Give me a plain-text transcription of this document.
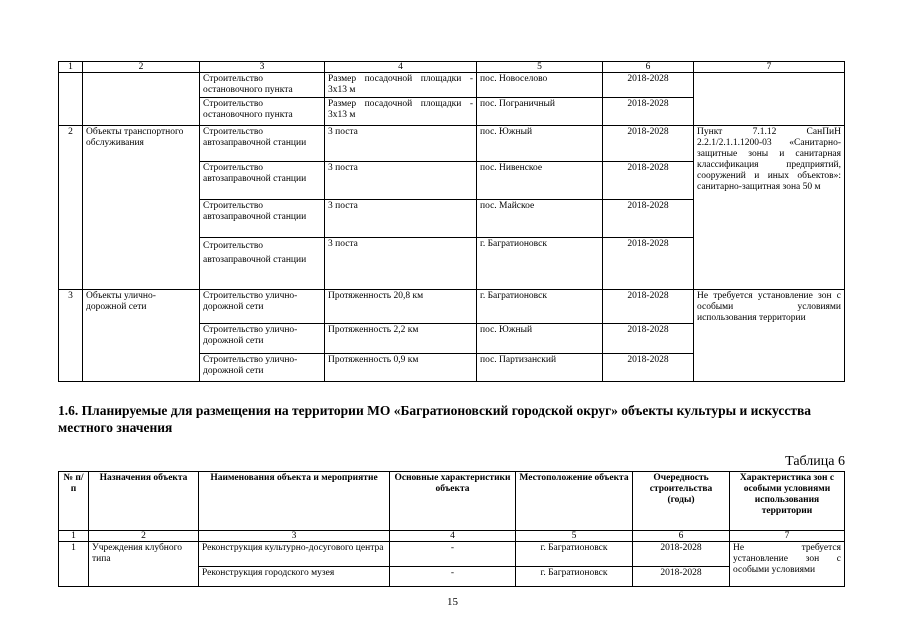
1	2	3	4	5	6	7
		Строительство остановочного пункта	Размер посадочной площадки - 3х13 м	пос. Новоселово	2018-2028	
		Строительство остановочного пункта	Размер посадочной площадки - 3х13 м	пос. Пограничный	2018-2028	
2	Объекты транспортного обслуживания	Строительство автозаправочной станции	3 поста	пос. Южный	2018-2028	Пункт 7.1.12 СанПиН 2.2.1/2.1.1.1200-03 «Санитарно-защитные зоны и санитарная классификация предприятий, сооружений и иных объектов»: санитарно-защитная зона 50 м
		Строительство автозаправочной станции	3 поста	пос. Нивенское	2018-2028	
		Строительство автозаправочной станции	3 поста	пос. Майское	2018-2028	
		Строительство автозаправочной станции	3 поста	г. Багратионовск	2018-2028	
3	Объекты улично-дорожной сети	Строительство улично-дорожной сети	Протяженность 20,8 км	г. Багратионовск	2018-2028	Не требуется установление зон с особыми условиями использования территории
		Строительство улично-дорожной сети	Протяженность 2,2 км	пос. Южный	2018-2028	
		Строительство улично-дорожной сети	Протяженность 0,9 км	пос. Партизанский	2018-2028	
1.6. Планируемые для размещения на территории МО «Багратионовский городской округ» объекты культуры и искусства местного значения
Таблица 6
№ п/п	Назначения объекта	Наименования объекта и мероприятие	Основные характеристики объекта	Местоположение объекта	Очередность строительства (годы)	Характеристика зон с особыми условиями использования территории
1	2	3	4	5	6	7
1	Учреждения клубного типа	Реконструкция культурно-досугового центра	-	г. Багратионовск	2018-2028	Не требуется установление зон с особыми условиями
		Реконструкция городского музея	-	г. Багратионовск	2018-2028	
15
